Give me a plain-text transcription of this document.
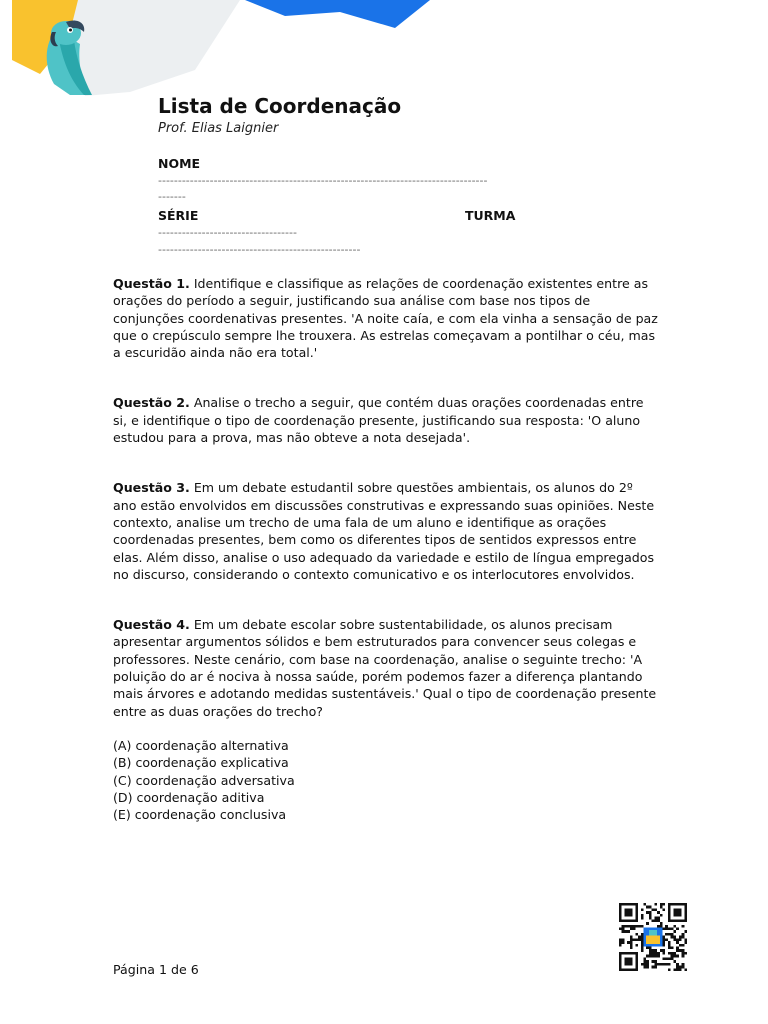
Lista de Coordenação
Prof. Elias Laignier
NOME
-----------------------------------------------------------------------------------
-------
SÉRIE	TURMA
-----------------------------------
---------------------------------------------------

Questão 1. Identifique e classifique as relações de coordenação existentes entre as orações do período a seguir, justificando sua análise com base nos tipos de conjunções coordenativas presentes. 'A noite caía, e com ela vinha a sensação de paz que o crepúsculo sempre lhe trouxera. As estrelas começavam a pontilhar o céu, mas a escuridão ainda não era total.'

Questão 2. Analise o trecho a seguir, que contém duas orações coordenadas entre si, e identifique o tipo de coordenação presente, justificando sua resposta: 'O aluno estudou para a prova, mas não obteve a nota desejada'.

Questão 3. Em um debate estudantil sobre questões ambientais, os alunos do 2º ano estão envolvidos em discussões construtivas e expressando suas opiniões. Neste contexto, analise um trecho de uma fala de um aluno e identifique as orações coordenadas presentes, bem como os diferentes tipos de sentidos expressos entre elas. Além disso, analise o uso adequado da variedade e estilo de língua empregados no discurso, considerando o contexto comunicativo e os interlocutores envolvidos.

Questão 4. Em um debate escolar sobre sustentabilidade, os alunos precisam apresentar argumentos sólidos e bem estruturados para convencer seus colegas e professores. Neste cenário, com base na coordenação, analise o seguinte trecho: 'A poluição do ar é nociva à nossa saúde, porém podemos fazer a diferença plantando mais árvores e adotando medidas sustentáveis.' Qual o tipo de coordenação presente entre as duas orações do trecho?
(A) coordenação alternativa
(B) coordenação explicativa
(C) coordenação adversativa
(D) coordenação aditiva
(E) coordenação conclusiva
Página 1 de 6
